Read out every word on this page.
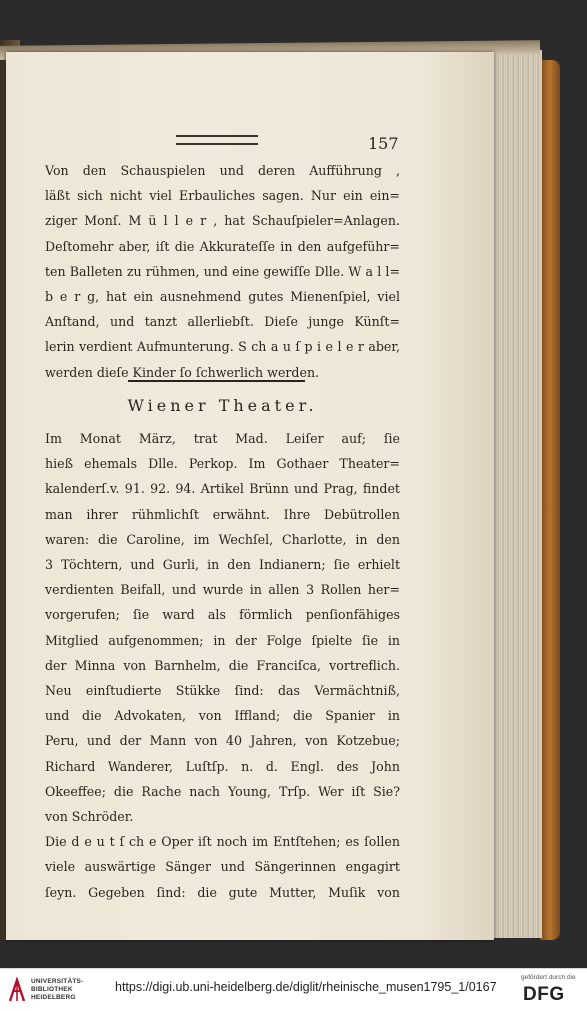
157
Von den Schauspielen und deren Aufführung ,
läßt sich nicht viel Erbauliches sagen. Nur ein ein=
ziger Monſ. M ü l l e r , hat Schauſpieler=Anlagen.
Deſtomehr aber, iſt die Akkurateſſe in den aufgeführ=
ten Balleten zu rühmen, und eine gewiſſe Dlle. W a l l=
b e r g, hat ein ausnehmend gutes Mienenſpiel, viel
Anſtand, und tanzt allerliebſt. Dieſe junge Künſt=
lerin verdient Aufmunterung. S ch a u ſ p i e l e r aber,
werden dieſe Kinder ſo ſchwerlich werden.
Wiener Theater.
Im Monat März, trat Mad. Leiſer auf; ſie
hieß ehemals Dlle. Perkop. Im Gothaer Theater=
kalenderſ.v. 91. 92. 94. Artikel Brünn und Prag, findet
man ihrer rühmlichſt erwähnt. Ihre Debütrollen
waren: die Caroline, im Wechſel, Charlotte, in den
3 Töchtern, und Gurli, in den Indianern; ſie erhielt
verdienten Beifall, und wurde in allen 3 Rollen her=
vorgerufen; ſie ward als förmlich penſionfähiges
Mitglied aufgenommen; in der Folge ſpielte ſie in
der Minna von Barnhelm, die Franciſca, vortreflich.
Neu einſtudierte Stükke ſind: das Vermächtniß,
und die Advokaten, von Iffland; die Spanier in
Peru, und der Mann von 40 Jahren, von Kotzebue;
Richard Wanderer, Luſtſp. n. d. Engl. des John
Okeeffee; die Rache nach Young, Trſp. Wer iſt Sie?
von Schröder.
Die d e u t ſ ch e Oper iſt noch im Entſtehen; es ſollen
viele auswärtige Sänger und Sängerinnen engagirt
ſeyn. Gegeben ſind: die gute Mutter, Muſik von
UNIVERSITÄTS-
BIBLIOTHEK
HEIDELBERG
https://digi.ub.uni-heidelberg.de/diglit/rheinische_musen1795_1/0167
gefördert durch die
DFG
